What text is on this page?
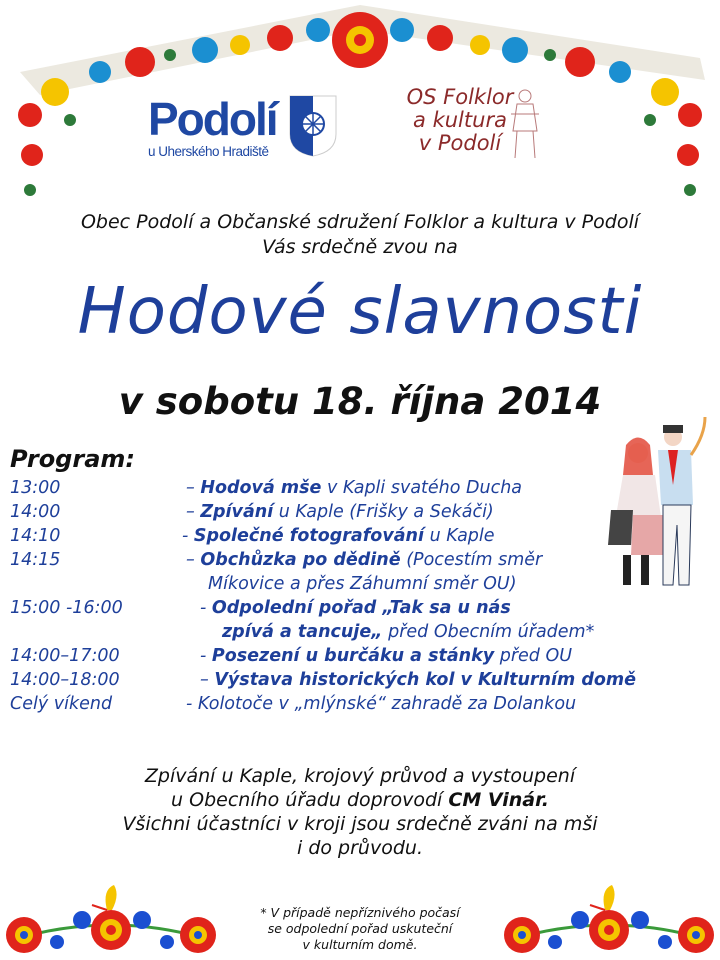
Podolí
u Uherského Hradiště
OS Folklor
a kultura
v Podolí
Obec Podolí a Občanské sdružení Folklor a kultura v Podolí
Vás srdečně zvou na
Hodové slavnosti
v sobotu 18. října 2014
Program:
13:00	– Hodová mše v Kapli svatého Ducha
14:00	– Zpívání u Kaple (Frišky a Sekáči)
14:10	- Společné fotografování u Kaple
14:15	– Obchůzka po dědině (Pocestím směr
Míkovice a přes Záhumní směr OU)
15:00 -16:00	- Odpolední pořad „Tak sa u nás
zpívá a tancuje„ před Obecním úřadem*
14:00–17:00	- Posezení u burčáku a stánky před OU
14:00–18:00	– Výstava historických kol v Kulturním domě
Celý víkend	- Kolotoče v „mlýnské“ zahradě za Dolankou
Zpívání u Kaple, krojový průvod a vystoupení
u Obecního úřadu doprovodí CM Vinár.
Všichni účastníci v kroji jsou srdečně zváni na mši
i do průvodu.
* V případě nepříznivého počasí
se odpolední pořad uskuteční
v kulturním domě.
